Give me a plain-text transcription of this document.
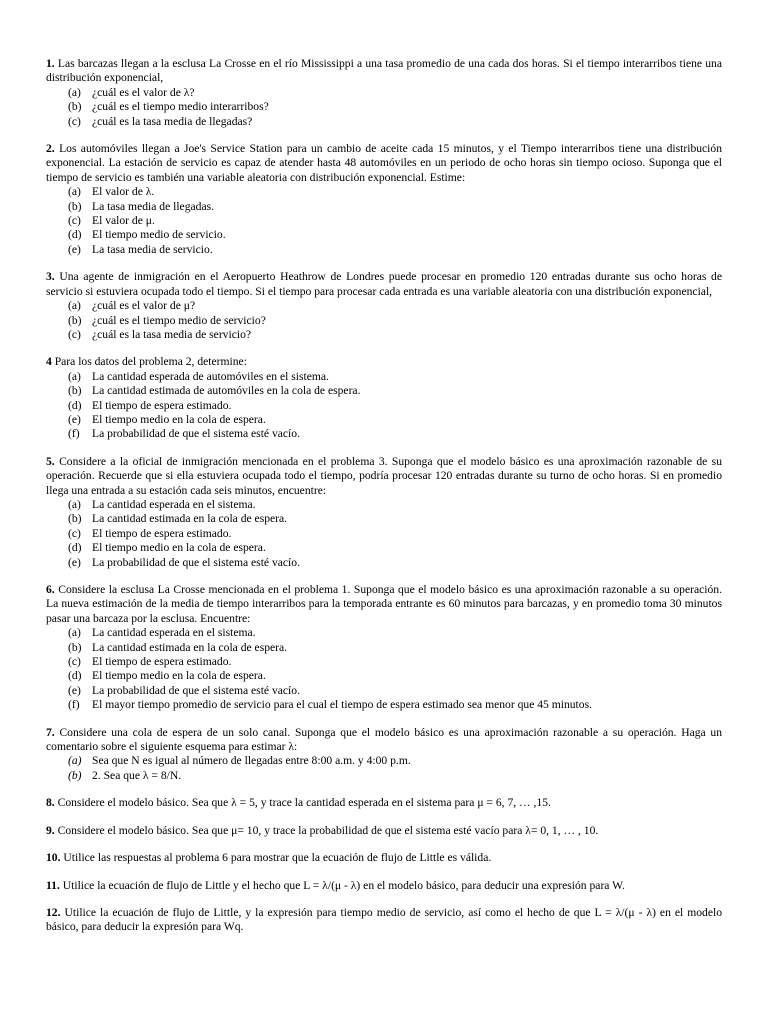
1. Las barcazas llegan a la esclusa La Crosse en el río Mississippi a una tasa promedio de una cada dos horas. Si el tiempo interarribos tiene una distribución exponencial,

(a) ¿cuál es el valor de λ?
(b) ¿cuál es el tiempo medio interarribos?
(c) ¿cuál es la tasa media de llegadas?

2. Los automóviles llegan a Joe's Service Station para un cambio de aceite cada 15 minutos, y el Tiempo interarribos tiene una distribución exponencial. La estación de servicio es capaz de atender hasta 48 automóviles en un periodo de ocho horas sin tiempo ocioso. Suponga que el tiempo de servicio es también una variable aleatoria con distribución exponencial. Estime:

(a) El valor de λ.
(b) La tasa media de llegadas.
(c) El valor de μ.
(d) El tiempo medio de servicio.
(e) La tasa media de servicio.

3. Una agente de inmigración en el Aeropuerto Heathrow de Londres puede procesar en promedio 120 entradas durante sus ocho horas de servicio si estuviera ocupada todo el tiempo. Si el tiempo para procesar cada entrada es una variable aleatoria con una distribución exponencial,

(a) ¿cuál es el valor de μ?
(b) ¿cuál es el tiempo medio de servicio?
(c) ¿cuál es la tasa media de servicio?

4 Para los datos del problema 2, determine:

(a) La cantidad esperada de automóviles en el sistema.
(b) La cantidad estimada de automóviles en la cola de espera.
(d) El tiempo de espera estimado.
(e) El tiempo medio en la cola de espera.
(f)	La probabilidad de que el sistema esté vacío.

5. Considere a la oficial de inmigración mencionada en el problema 3. Suponga que el modelo básico es una aproximación razonable de su operación. Recuerde que si ella estuviera ocupada todo el tiempo, podría procesar 120 entradas durante su turno de ocho horas. Si en promedio llega una entrada a su estación cada seis minutos, encuentre:

(a) La cantidad esperada en el sistema.
(b) La cantidad estimada en la cola de espera.
(c) El tiempo de espera estimado.
(d) El tiempo medio en la cola de espera.
(e) La probabilidad de que el sistema esté vacío.

6. Considere la esclusa La Crosse mencionada en el problema 1. Suponga que el modelo básico es una aproximación razonable a su operación. La nueva estimación de la media de tiempo interarribos para la temporada entrante es 60 minutos para barcazas, y en promedio toma 30 minutos pasar una barcaza por la esclusa. Encuentre:

(a) La cantidad esperada en el sistema.
(b) La cantidad estimada en la cola de espera.
(c) El tiempo de espera estimado.
(d) El tiempo medio en la cola de espera.
(e) La probabilidad de que el sistema esté vacío.
(f)	El mayor tiempo promedio de servicio para el cual el tiempo de espera estimado sea menor que 45 minutos.

7. Considere una cola de espera de un solo canal. Suponga que el modelo básico es una aproximación razonable a su operación. Haga un comentario sobre el siguiente esquema para estimar λ:

(a) Sea que N es igual al número de llegadas entre 8:00 a.m. y 4:00 p.m.
(b) 2. Sea que λ = 8/N.

8. Considere el modelo básico. Sea que λ = 5, y trace la cantidad esperada en el sistema para μ = 6, 7, … ,15.

9. Considere el modelo básico. Sea que μ= 10, y trace la probabilidad de que el sistema esté vacío para λ= 0, 1, … , 10.

10. Utilice las respuestas al problema 6 para mostrar que la ecuación de flujo de Little es válida.

11. Utilice la ecuación de flujo de Little y el hecho que L = λ/(μ - λ) en el modelo básico, para deducir una expresión para W.

12. Utilice la ecuación de flujo de Little, y la expresión para tiempo medio de servicio, así como el hecho de que L = λ/(μ - λ) en el modelo básico, para deducir la expresión para Wq.
